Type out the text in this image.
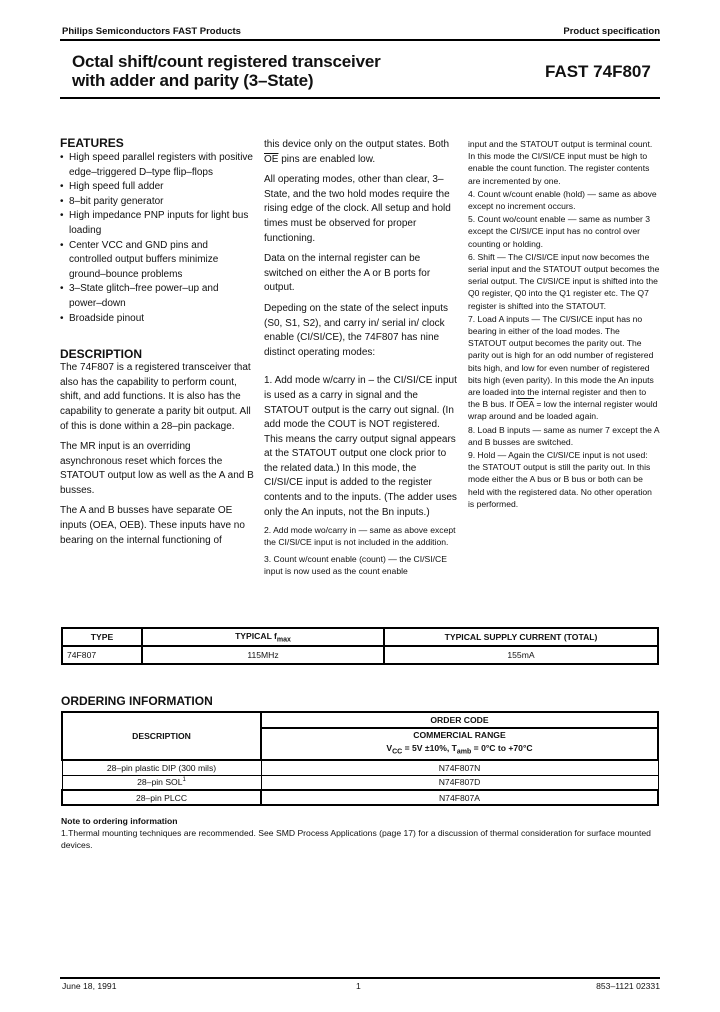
Philips Semiconductors FAST Products	Product specification
Octal shift/count registered transceiver
with adder and parity (3–State)	FAST 74F807
FEATURES
• High speed parallel registers with positive edge–triggered D–type flip–flops
• High speed full adder
• 8–bit parity generator
• High impedance PNP inputs for light bus loading
• Center VCC and GND pins and controlled output buffers minimize ground–bounce problems
• 3–State glitch–free power–up and power–down
• Broadside pinout
DESCRIPTION

The 74F807 is a registered transceiver that also has the capability to perform count, shift, and add functions. It is also has the capability to generate a parity bit output. All of this is done within a 28–pin package.

The MR input is an overriding asynchronous reset which forces the STATOUT output low as well as the A and B busses.

The A and B busses have separate OE inputs (OEA, OEB). These inputs have no bearing on the internal functioning of

this device only on the output states. Both $\overline{OE}$ pins are enabled low.

All operating modes, other than clear, 3–State, and the two hold modes require the rising edge of the clock. All setup and hold times must be observed for proper functioning.

Data on the internal register can be switched on either the A or B ports for output.

Depeding on the state of the select inputs (S0, S1, S2), and carry in/ serial in/ clock enable (CI/SI/CE), the 74F807 has nine distinct operating modes:

1. Add mode w/carry in – the CI/SI/CE input is used as a carry in signal and the STATOUT output is the carry out signal. (In add mode the COUT is NOT registered. This means the carry output signal appears at the STATOUT output one clock prior to the related data.) In this mode, the CI/SI/CE input is added to the register contents and to the inputs. (The adder uses only the An inputs, not the Bn inputs.)

2. Add mode wo/carry in — same as above except the CI/SI/CE input is not included in the addition.

3. Count w/count enable (count) — the CI/SI/CE input is now used as the count enable

input and the STATOUT output is terminal count. In this mode the CI/SI/CE input must be high to enable the count function. The register contents are incremented by one.

4. Count w/count enable (hold) — same as above except no increment occurs.

5. Count wo/count enable — same as number 3 except the CI/SI/CE input has no control over counting or holding.

6. Shift — The CI/SI/CE input now becomes the serial input and the STATOUT output becomes the serial output. The CI/SI/CE input is shifted into the Q0 register, Q0 into the Q1 register etc. The Q7 register is shifted into the STATOUT.

7. Load A inputs — The CI/SI/CE input has no bearing in either of the load modes. The STATOUT output becomes the parity out. The parity out is high for an odd number of registered bits high, and low for even number of registered bits high (even parity). In this mode the An inputs are loaded into the internal register and then to the B bus. If $\overline{OEA}$ = low the internal register would wrap around and be loaded again.

8. Load B inputs — same as numer 7 except the A and B busses are switched.

9. Hold — Again the CI/SI/CE input is not used: the STATOUT output is still the parity out. In this mode either the A bus or B bus or both can be held with the registered data. No other operation is performed.

TYPE	TYPICAL $f_{max}$	TYPICAL SUPPLY CURRENT (TOTAL)
74F807	115MHz	155mA
ORDERING INFORMATION
DESCRIPTION	ORDER CODE

	COMMERCIAL RANGE
$V_{CC} = 5V \pm 10\%$, $T_{amb} = 0^\circ C$ to +70°C

28–pin plastic DIP (300 mils)	N74F807N
28–pin SOL$^1$	N74F807D
28–pin PLCC	N74F807A
Note to ordering information
1.Thermal mounting techniques are recommended. See SMD Process Applications (page 17) for a discussion of thermal consideration for surface mounted devices.
June 18, 1991	1	853–1121 02331
